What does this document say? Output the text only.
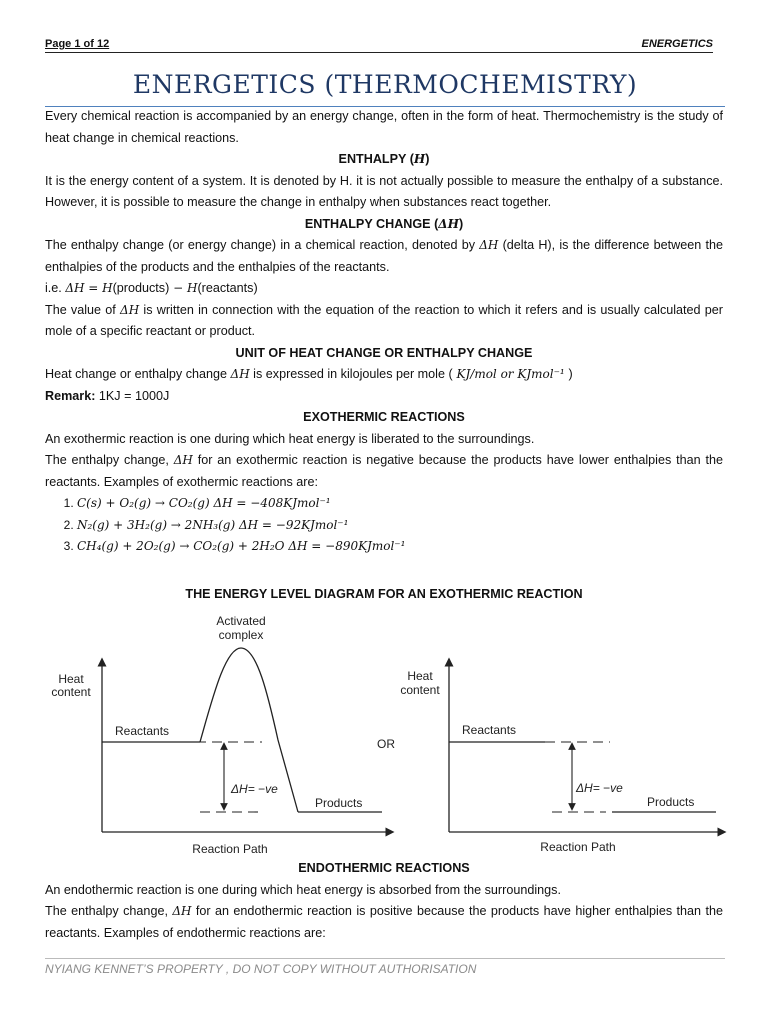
Page 1 of 12	ENERGETICS
ENERGETICS (THERMOCHEMISTRY)

Every chemical reaction is accompanied by an energy change, often in the form of heat. Thermochemistry is the study of heat change in chemical reactions.

ENTHALPY (H)

It is the energy content of a system. It is denoted by H. it is not actually possible to measure the enthalpy of a substance. However, it is possible to measure the change in enthalpy when substances react together.

ENTHALPY CHANGE (ΔH)

The enthalpy change (or energy change) in a chemical reaction, denoted by ΔH (delta H), is the difference between the enthalpies of the products and the enthalpies of the reactants.

i.e. ΔH = H(products) − H(reactants)

The value of ΔH is written in connection with the equation of the reaction to which it refers and is usually calculated per mole of a specific reactant or product.

UNIT OF HEAT CHANGE OR ENTHALPY CHANGE

Heat change or enthalpy change ΔH is expressed in kilojoules per mole ( KJ/mol or KJmol⁻¹ )

Remark: 1KJ = 1000J

EXOTHERMIC REACTIONS

An exothermic reaction is one during which heat energy is liberated to the surroundings.

The enthalpy change, ΔH for an exothermic reaction is negative because the products have lower enthalpies than the reactants. Examples of exothermic reactions are:

1. C(s) + O₂(g) → CO₂(g) ΔH = −408KJmol⁻¹
2. N₂(g) + 3H₂(g) → 2NH₃(g) ΔH = −92KJmol⁻¹
3. CH₄(g) + 2O₂(g) → CO₂(g) + 2H₂O ΔH = −890KJmol⁻¹
THE ENERGY LEVEL DIAGRAM FOR AN EXOTHERMIC REACTION
Activated
complex
Heat
content
Reactants
Products
ΔH= −ve
Reaction Path
OR
Heat
content
Reactants
Products
ΔH= −ve
Reaction Path

ENDOTHERMIC REACTIONS

An endothermic reaction is one during which heat energy is absorbed from the surroundings.

The enthalpy change, ΔH for an endothermic reaction is positive because the products have higher enthalpies than the reactants. Examples of endothermic reactions are:

NYIANG KENNET’S PROPERTY , DO NOT COPY WITHOUT AUTHORISATION
